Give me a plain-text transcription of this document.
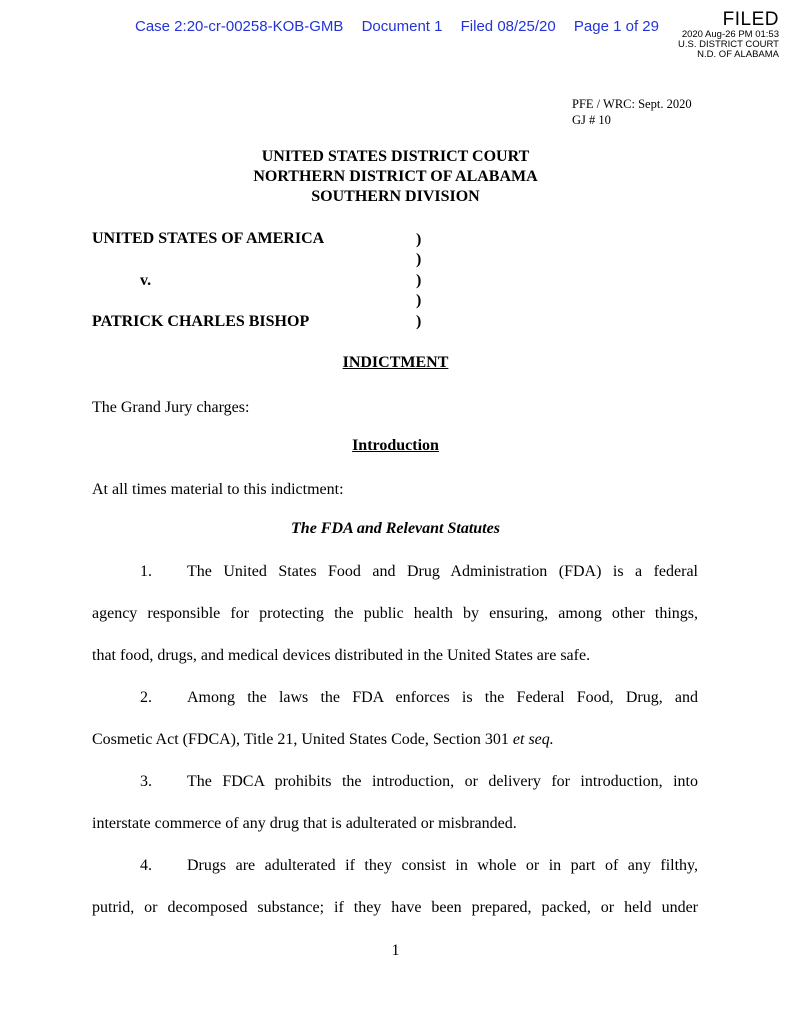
Case 2:20-cr-00258-KOB-GMB Document 1 Filed 08/25/20 Page 1 of 29	FILED
2020 Aug-26 PM 01:53
U.S. DISTRICT COURT
N.D. OF ALABAMA
PFE / WRC: Sept. 2020
GJ # 10
UNITED STATES DISTRICT COURT
NORTHERN DISTRICT OF ALABAMA
SOUTHERN DIVISION
UNITED STATES OF AMERICA
v.
PATRICK CHARLES BISHOP
)
)
)
)
)
INDICTMENT
The Grand Jury charges:
Introduction
At all times material to this indictment:
The FDA and Relevant Statutes
1. The United States Food and Drug Administration (FDA) is a federal
agency responsible for protecting the public health by ensuring, among other things,
that food, drugs, and medical devices distributed in the United States are safe.
2. Among the laws the FDA enforces is the Federal Food, Drug, and
Cosmetic Act (FDCA), Title 21, United States Code, Section 301 et seq.
3. The FDCA prohibits the introduction, or delivery for introduction, into
interstate commerce of any drug that is adulterated or misbranded.
4. Drugs are adulterated if they consist in whole or in part of any filthy,
putrid, or decomposed substance; if they have been prepared, packed, or held under
1
